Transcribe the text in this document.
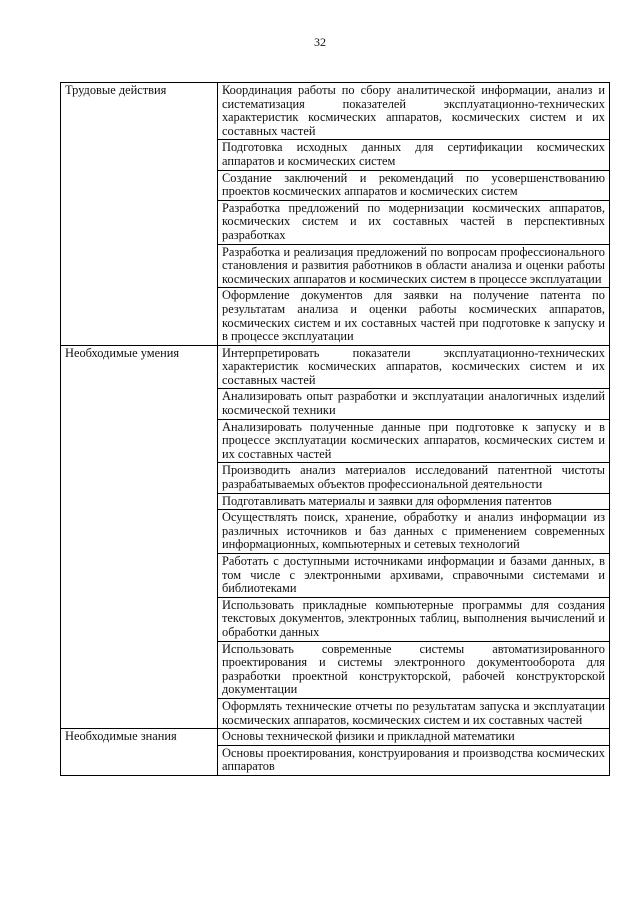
32
Трудовые действия	Координация работы по сбору аналитической информации, анализ и систематизация показателей эксплуатационно-технических характеристик космических аппаратов, космических систем и их составных частей
	Подготовка исходных данных для сертификации космических аппаратов и космических систем
	Создание заключений и рекомендаций по усовершенствованию проектов космических аппаратов и космических систем
	Разработка предложений по модернизации космических аппаратов, космических систем и их составных частей в перспективных разработках
	Разработка и реализация предложений по вопросам профессионального становления и развития работников в области анализа и оценки работы космических аппаратов и космических систем в процессе эксплуатации
	Оформление документов для заявки на получение патента по результатам анализа и оценки работы космических аппаратов, космических систем и их составных частей при подготовке к запуску и в процессе эксплуатации
Необходимые умения	Интерпретировать показатели эксплуатационно-технических характеристик космических аппаратов, космических систем и их составных частей
	Анализировать опыт разработки и эксплуатации аналогичных изделий космической техники
	Анализировать полученные данные при подготовке к запуску и в процессе эксплуатации космических аппаратов, космических систем и их составных частей
	Производить анализ материалов исследований патентной чистоты разрабатываемых объектов профессиональной деятельности
	Подготавливать материалы и заявки для оформления патентов
	Осуществлять поиск, хранение, обработку и анализ информации из различных источников и баз данных с применением современных информационных, компьютерных и сетевых технологий
	Работать с доступными источниками информации и базами данных, в том числе с электронными архивами, справочными системами и библиотеками
	Использовать прикладные компьютерные программы для создания текстовых документов, электронных таблиц, выполнения вычислений и обработки данных
	Использовать современные системы автоматизированного проектирования и системы электронного документооборота для разработки проектной конструкторской, рабочей конструкторской документации
	Оформлять технические отчеты по результатам запуска и эксплуатации космических аппаратов, космических систем и их составных частей
Необходимые знания	Основы технической физики и прикладной математики
	Основы проектирования, конструирования и производства космических аппаратов
